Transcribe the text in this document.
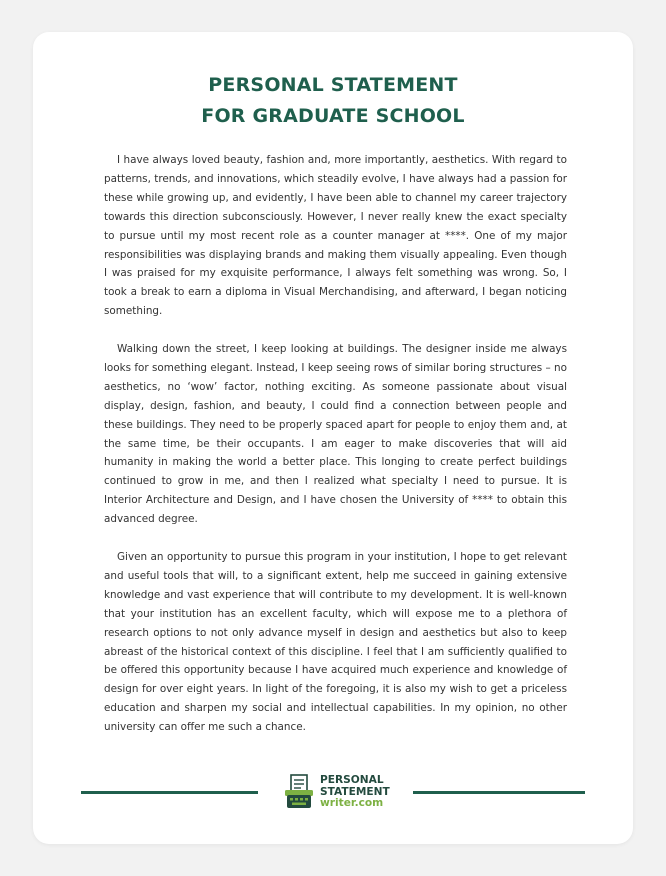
PERSONAL STATEMENT
FOR GRADUATE SCHOOL

I have always loved beauty, fashion and, more importantly, aesthetics. With regard to patterns, trends, and innovations, which steadily evolve, I have always had a passion for these while growing up, and evidently, I have been able to channel my career trajectory towards this direction subconsciously. However, I never really knew the exact specialty to pursue until my most recent role as a counter manager at ****. One of my major responsibilities was displaying brands and making them visually appealing. Even though I was praised for my exquisite performance, I always felt something was wrong. So, I took a break to earn a diploma in Visual Merchandising, and afterward, I began noticing something.

Walking down the street, I keep looking at buildings. The designer inside me always looks for something elegant. Instead, I keep seeing rows of similar boring structures – no aesthetics, no ‘wow’ factor, nothing exciting. As someone passionate about visual display, design, fashion, and beauty, I could find a connection between people and these buildings. They need to be properly spaced apart for people to enjoy them and, at the same time, be their occupants. I am eager to make discoveries that will aid humanity in making the world a better place. This longing to create perfect buildings continued to grow in me, and then I realized what specialty I need to pursue. It is Interior Architecture and Design, and I have chosen the University of **** to obtain this advanced degree.

Given an opportunity to pursue this program in your institution, I hope to get relevant and useful tools that will, to a significant extent, help me succeed in gaining extensive knowledge and vast experience that will contribute to my development. It is well-known that your institution has an excellent faculty, which will expose me to a plethora of research options to not only advance myself in design and aesthetics but also to keep abreast of the historical context of this discipline. I feel that I am sufficiently qualified to be offered this opportunity because I have acquired much experience and knowledge of design for over eight years. In light of the foregoing, it is also my wish to get a priceless education and sharpen my social and intellectual capabilities. In my opinion, no other university can offer me such a chance.

PERSONAL
STATEMENT
writer.com
